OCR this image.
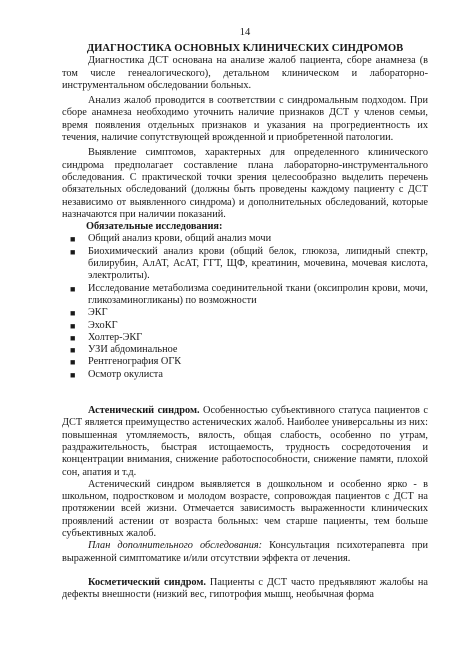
14
ДИАГНОСТИКА ОСНОВНЫХ КЛИНИЧЕСКИХ СИНДРОМОВ

Диагностика ДСТ основана на анализе жалоб пациента, сборе анамнеза (в том числе генеалогического), детальном клиническом и лабораторно-инструментальном обследовании больных.

Анализ жалоб проводится в соответствии с синдромальным подходом. При сборе анамнеза необходимо уточнить наличие признаков ДСТ у членов семьи, время появления отдельных признаков и указания на прогредиентность их течения, наличие сопутствующей врожденной и приобретенной патологии.

Выявление симптомов, характерных для определенного клинического синдрома предполагает составление плана лабораторно-инструментального обследования. С практической точки зрения целесообразно выделить перечень обязательных обследований (должны быть проведены каждому пациенту с ДСТ независимо от выявленного синдрома) и дополнительных обследований, которые назначаются при наличии показаний.

Обязательные исследования:

■ Общий анализ крови, общий анализ мочи
■ Биохимический анализ крови (общий белок, глюкоза, липидный спектр, билирубин, АлАТ, АсАТ, ГГТ, ЩФ, креатинин, мочевина, мочевая кислота, электролиты).
■ Исследование метаболизма соединительной ткани (оксипролин крови, мочи, гликозаминогликаны) по возможности
■ ЭКГ
■ ЭхоКГ
■ Холтер-ЭКГ
■ УЗИ абдоминальное
■ Рентгенография ОГК
■ Осмотр окулиста

Астенический синдром. Особенностью субъективного статуса пациентов с ДСТ является преимущество астенических жалоб. Наиболее универсальны из них: повышенная утомляемость, вялость, общая слабость, особенно по утрам, раздражительность, быстрая истощаемость, трудность сосредоточения и концентрации внимания, снижение работоспособности, снижение памяти, плохой сон, апатия и т.д.

Астенический синдром выявляется в дошкольном и особенно ярко - в школьном, подростковом и молодом возрасте, сопровождая пациентов с ДСТ на протяжении всей жизни. Отмечается зависимость выраженности клинических проявлений астении от возраста больных: чем старше пациенты, тем больше субъективных жалоб.

План дополнительного обследования: Консультация психотерапевта при выраженной симптоматике и/или отсутствии эффекта от лечения.

Косметический синдром. Пациенты с ДСТ часто предъявляют жалобы на дефекты внешности (низкий вес, гипотрофия мышц, необычная форма
